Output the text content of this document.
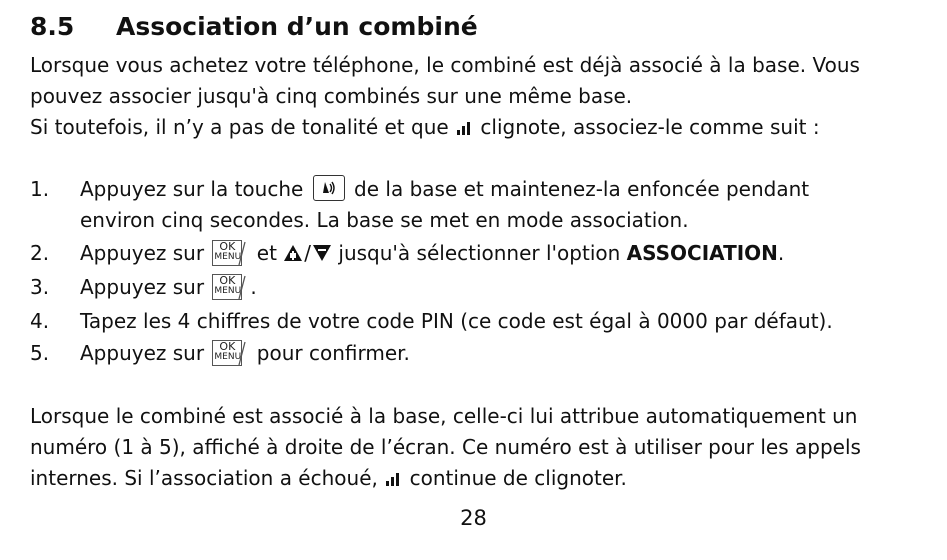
8.5 Association d’un combiné

Lorsque vous achetez votre téléphone, le combiné est déjà associé à la base. Vous
pouvez associer jusqu'à cinq combinés sur une même base.
Si toutefois, il n’y a pas de tonalité et que clignote, associez-le comme suit :

1. Appuyez sur la touche	de la base et maintenez-la enfoncée pendant
environ cinq secondes. La base se met en mode association.
2. Appuyez sur OK
MENU et / jusqu'à sélectionner l'option ASSOCIATION.
3. Appuyez sur OK
MENU .
4. Tapez les 4 chiffres de votre code PIN (ce code est égal à 0000 par défaut).
5. Appuyez sur OK
MENU pour confirmer.

Lorsque le combiné est associé à la base, celle-ci lui attribue automatiquement un
numéro (1 à 5), affiché à droite de l’écran. Ce numéro est à utiliser pour les appels
internes. Si l’association a échoué, continue de clignoter.

28
